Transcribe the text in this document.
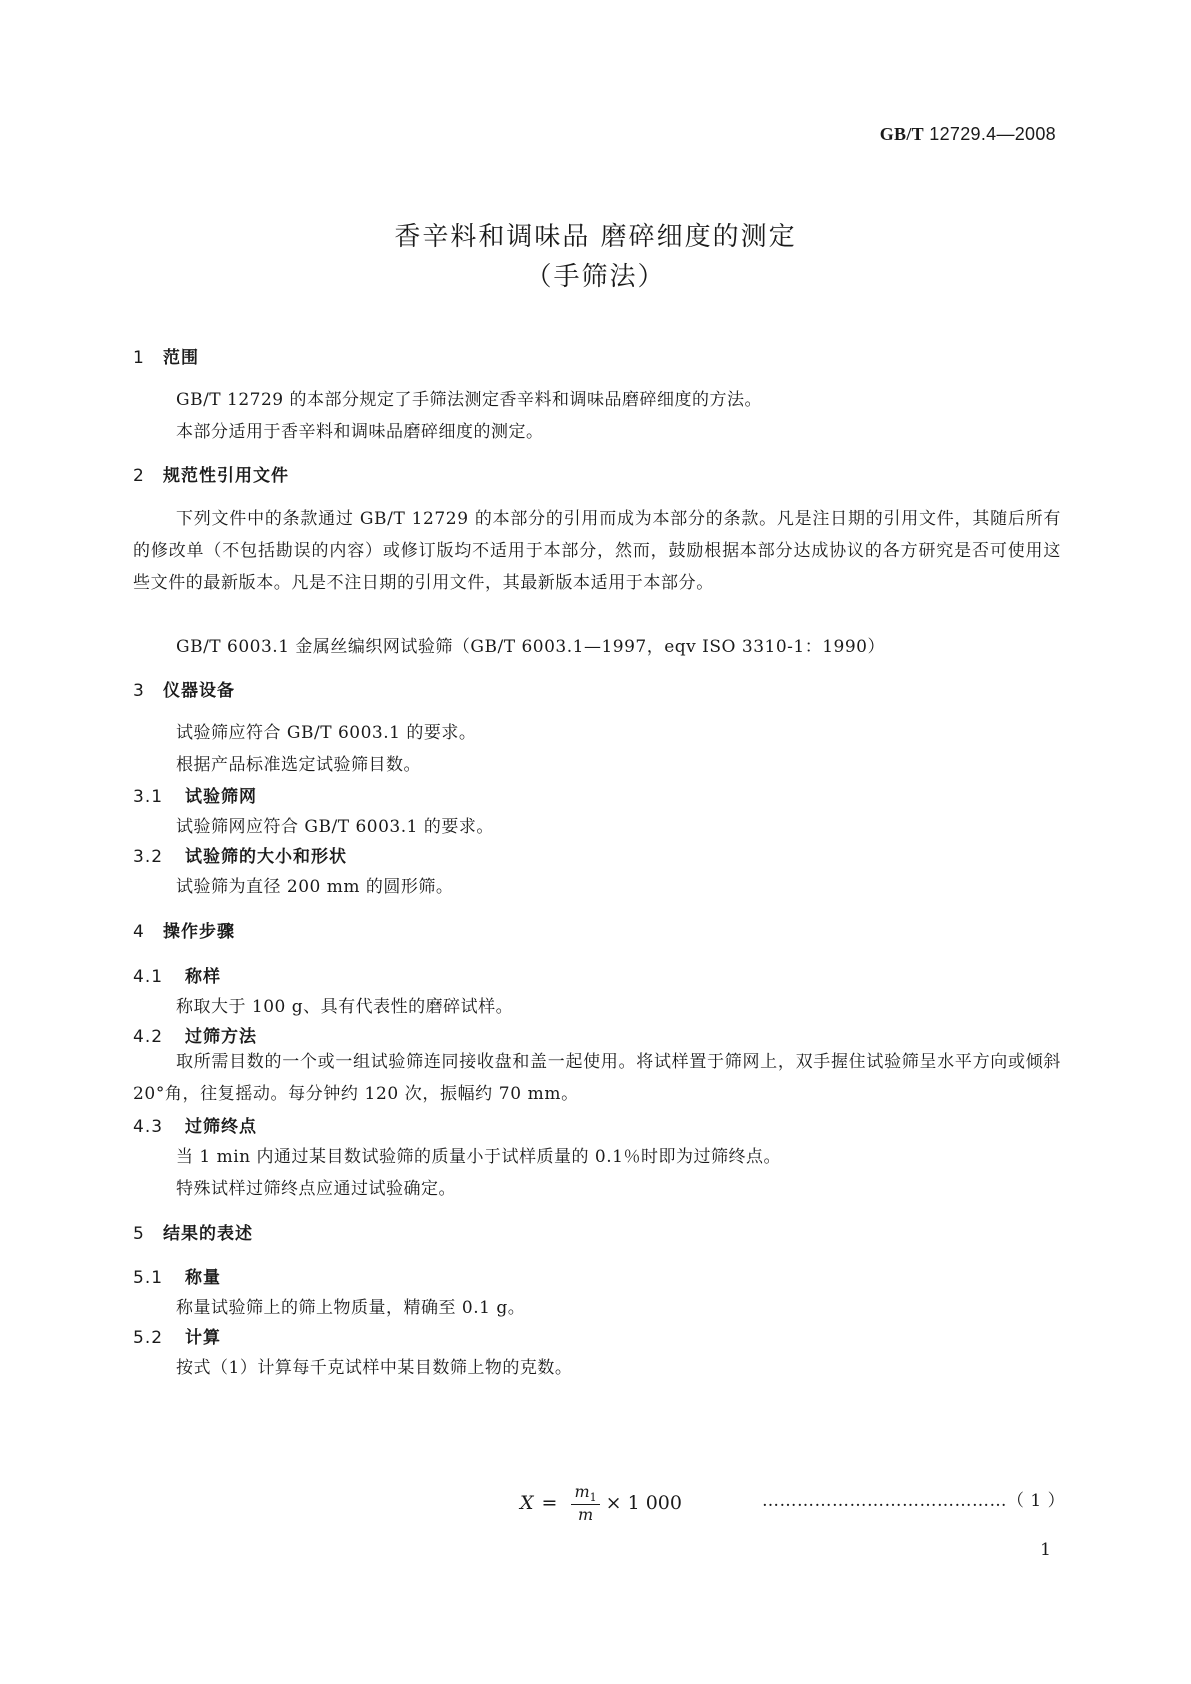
GB/T 12729.4—2008
香辛料和调味品 磨碎细度的测定
（手筛法）
1 范围
GB/T 12729 的本部分规定了手筛法测定香辛料和调味品磨碎细度的方法。
本部分适用于香辛料和调味品磨碎细度的测定。
2 规范性引用文件
下列文件中的条款通过 GB/T 12729 的本部分的引用而成为本部分的条款。凡是注日期的引用文件，其随后所有的修改单（不包括勘误的内容）或修订版均不适用于本部分，然而，鼓励根据本部分达成协议的各方研究是否可使用这些文件的最新版本。凡是不注日期的引用文件，其最新版本适用于本部分。
GB/T 6003.1 金属丝编织网试验筛（GB/T 6003.1—1997，eqv ISO 3310-1：1990）
3 仪器设备
试验筛应符合 GB/T 6003.1 的要求。
根据产品标准选定试验筛目数。
3.1 试验筛网
试验筛网应符合 GB/T 6003.1 的要求。
3.2 试验筛的大小和形状
试验筛为直径 200 mm 的圆形筛。
4 操作步骤
4.1 称样
称取大于 100 g、具有代表性的磨碎试样。
4.2 过筛方法
取所需目数的一个或一组试验筛连同接收盘和盖一起使用。将试样置于筛网上，双手握住试验筛呈水平方向或倾斜 20°角，往复摇动。每分钟约 120 次，振幅约 70 mm。
4.3 过筛终点
当 1 min 内通过某目数试验筛的质量小于试样质量的 0.1％时即为过筛终点。
特殊试样过筛终点应通过试验确定。
5 结果的表述
5.1 称量
称量试验筛上的筛上物质量，精确至 0.1 g。
5.2 计算
按式（1）计算每千克试样中某目数筛上物的克数。
$X = \frac{m_1}{m} \times 1$ 000	……………………………………（ 1 ）
1
